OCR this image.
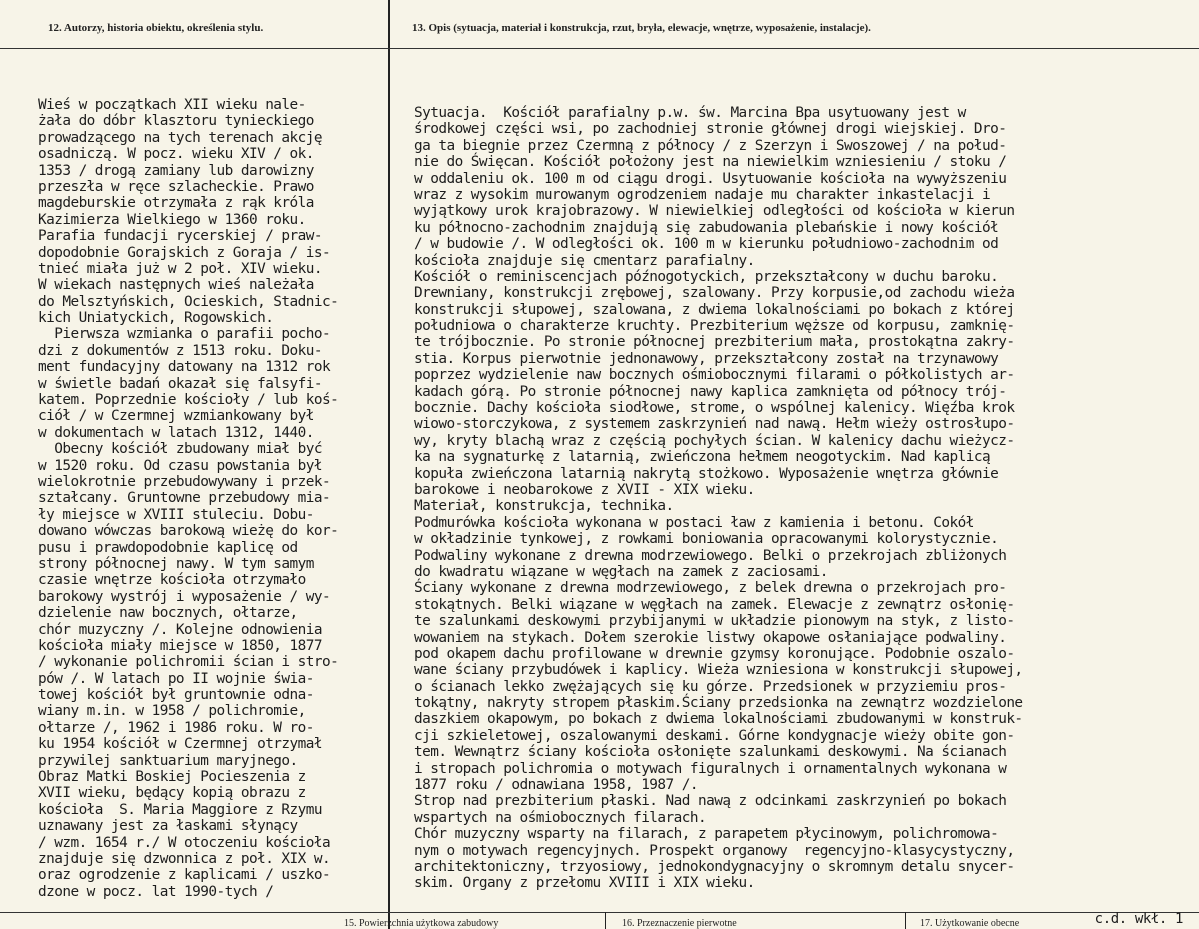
12. Autorzy, historia obiektu, określenia stylu.	13. Opis (sytuacja, materiał i konstrukcja, rzut, bryła, elewacje, wnętrze, wyposażenie, instalacje).
Wieś w początkach XII wieku nale-
żała do dóbr klasztoru tynieckiego
prowadzącego na tych terenach akcję
osadniczą. W pocz. wieku XIV / ok.
1353 / drogą zamiany lub darowizny
przeszła w ręce szlacheckie. Prawo
magdeburskie otrzymała z rąk króla
Kazimierza Wielkiego w 1360 roku.
Parafia fundacji rycerskiej / praw-
dopodobnie Gorajskich z Goraja / is-
tnieć miała już w 2 poł. XIV wieku.
W wiekach następnych wieś należała
do Melsztyńskich, Ocieskich, Stadnic-
kich Uniatyckich, Rogowskich.
Pierwsza wzmianka o parafii pocho-
dzi z dokumentów z 1513 roku. Doku-
ment fundacyjny datowany na 1312 rok
w świetle badań okazał się falsyfi-
katem. Poprzednie kościoły / lub koś-
ciół / w Czermnej wzmiankowany był
w dokumentach w latach 1312, 1440.
Obecny kościół zbudowany miał być
w 1520 roku. Od czasu powstania był
wielokrotnie przebudowywany i przek-
ształcany. Gruntowne przebudowy mia-
ły miejsce w XVIII stuleciu. Dobu-
dowano wówczas barokową wieżę do kor-
pusu i prawdopodobnie kaplicę od
strony północnej nawy. W tym samym
czasie wnętrze kościoła otrzymało
barokowy wystrój i wyposażenie / wy-
dzielenie naw bocznych, ołtarze,
chór muzyczny /. Kolejne odnowienia
kościoła miały miejsce w 1850, 1877
/ wykonanie polichromii ścian i stro-
pów /. W latach po II wojnie świa-
towej kościół był gruntownie odna-
wiany m.in. w 1958 / polichromie,
ołtarze /, 1962 i 1986 roku. W ro-
ku 1954 kościół w Czermnej otrzymał
przywilej sanktuarium maryjnego.
Obraz Matki Boskiej Pocieszenia z
XVII wieku, będący kopią obrazu z
kościoła  S. Maria Maggiore z Rzymu
uznawany jest za łaskami słynący
/ wzm. 1654 r./ W otoczeniu kościoła
znajduje się dzwonnica z poł. XIX w.
oraz ogrodzenie z kaplicami / uszko-
dzone w pocz. lat 1990-tych /
Sytuacja.  Kościół parafialny p.w. św. Marcina Bpa usytuowany jest w
środkowej części wsi, po zachodniej stronie głównej drogi wiejskiej. Dro-
ga ta biegnie przez Czermną z północy / z Szerzyn i Swoszowej / na połud-
nie do Święcan. Kościół położony jest na niewielkim wzniesieniu / stoku /
w oddaleniu ok. 100 m od ciągu drogi. Usytuowanie kościoła na wywyższeniu
wraz z wysokim murowanym ogrodzeniem nadaje mu charakter inkastelacji i
wyjątkowy urok krajobrazowy. W niewielkiej odległości od kościoła w kierun
ku północno-zachodnim znajdują się zabudowania plebańskie i nowy kościół
/ w budowie /. W odległości ok. 100 m w kierunku południowo-zachodnim od
kościoła znajduje się cmentarz parafialny.
Kościół o reminiscencjach późnogotyckich, przekształcony w duchu baroku.
Drewniany, konstrukcji zrębowej, szalowany. Przy korpusie,od zachodu wieża
konstrukcji słupowej, szalowana, z dwiema lokalnościami po bokach z której
południowa o charakterze kruchty. Prezbiterium węższe od korpusu, zamknię-
te trójbocznie. Po stronie północnej prezbiterium mała, prostokątna zakry-
stia. Korpus pierwotnie jednonawowy, przekształcony został na trzynawowy
poprzez wydzielenie naw bocznych ośmiobocznymi filarami o półkolistych ar-
kadach górą. Po stronie północnej nawy kaplica zamknięta od północy trój-
bocznie. Dachy kościoła siodłowe, strome, o wspólnej kalenicy. Więźba krok
wiowo-storczykowa, z systemem zaskrzynień nad nawą. Hełm wieży ostrosłupo-
wy, kryty blachą wraz z częścią pochyłych ścian. W kalenicy dachu wieżycz-
ka na sygnaturkę z latarnią, zwieńczona hełmem neogotyckim. Nad kaplicą
kopuła zwieńczona latarnią nakrytą stożkowo. Wyposażenie wnętrza głównie
barokowe i neobarokowe z XVII - XIX wieku.
Materiał, konstrukcja, technika.
Podmurówka kościoła wykonana w postaci ław z kamienia i betonu. Cokół
w okładzinie tynkowej, z rowkami boniowania opracowanymi kolorystycznie.
Podwaliny wykonane z drewna modrzewiowego. Belki o przekrojach zbliżonych
do kwadratu wiązane w węgłach na zamek z zaciosami.
Ściany wykonane z drewna modrzewiowego, z belek drewna o przekrojach pro-
stokątnych. Belki wiązane w węgłach na zamek. Elewacje z zewnątrz osłonię-
te szalunkami deskowymi przybijanymi w układzie pionowym na styk, z listo-
wowaniem na stykach. Dołem szerokie listwy okapowe osłaniające podwaliny.
pod okapem dachu profilowane w drewnie gzymsy koronujące. Podobnie oszalo-
wane ściany przybudówek i kaplicy. Wieża wzniesiona w konstrukcji słupowej,
o ścianach lekko zwężających się ku górze. Przedsionek w przyziemiu pros-
tokątny, nakryty stropem płaskim.Ściany przedsionka na zewnątrz wozdzielone
daszkiem okapowym, po bokach z dwiema lokalnościami zbudowanymi w konstruk-
cji szkieletowej, oszalowanymi deskami. Górne kondygnacje wieży obite gon-
tem. Wewnątrz ściany kościoła osłonięte szalunkami deskowymi. Na ścianach
i stropach polichromia o motywach figuralnych i ornamentalnych wykonana w
1877 roku / odnawiana 1958, 1987 /.
Strop nad prezbiterium płaski. Nad nawą z odcinkami zaskrzynień po bokach
wspartych na ośmiobocznych filarach.
Chór muzyczny wsparty na filarach, z parapetem płycinowym, polichromowa-
nym o motywach regencyjnych. Prospekt organowy  regencyjno-klasycystyczny,
architektoniczny, trzyosiowy, jednokondygnacyjny o skromnym detalu snycer-
skim. Organy z przełomu XVIII i XIX wieku.
15. Powierzchnia użytkowa zabudowy	16. Przeznaczenie pierwotne	17. Użytkowanie obecne	c.d. wkł. 1
